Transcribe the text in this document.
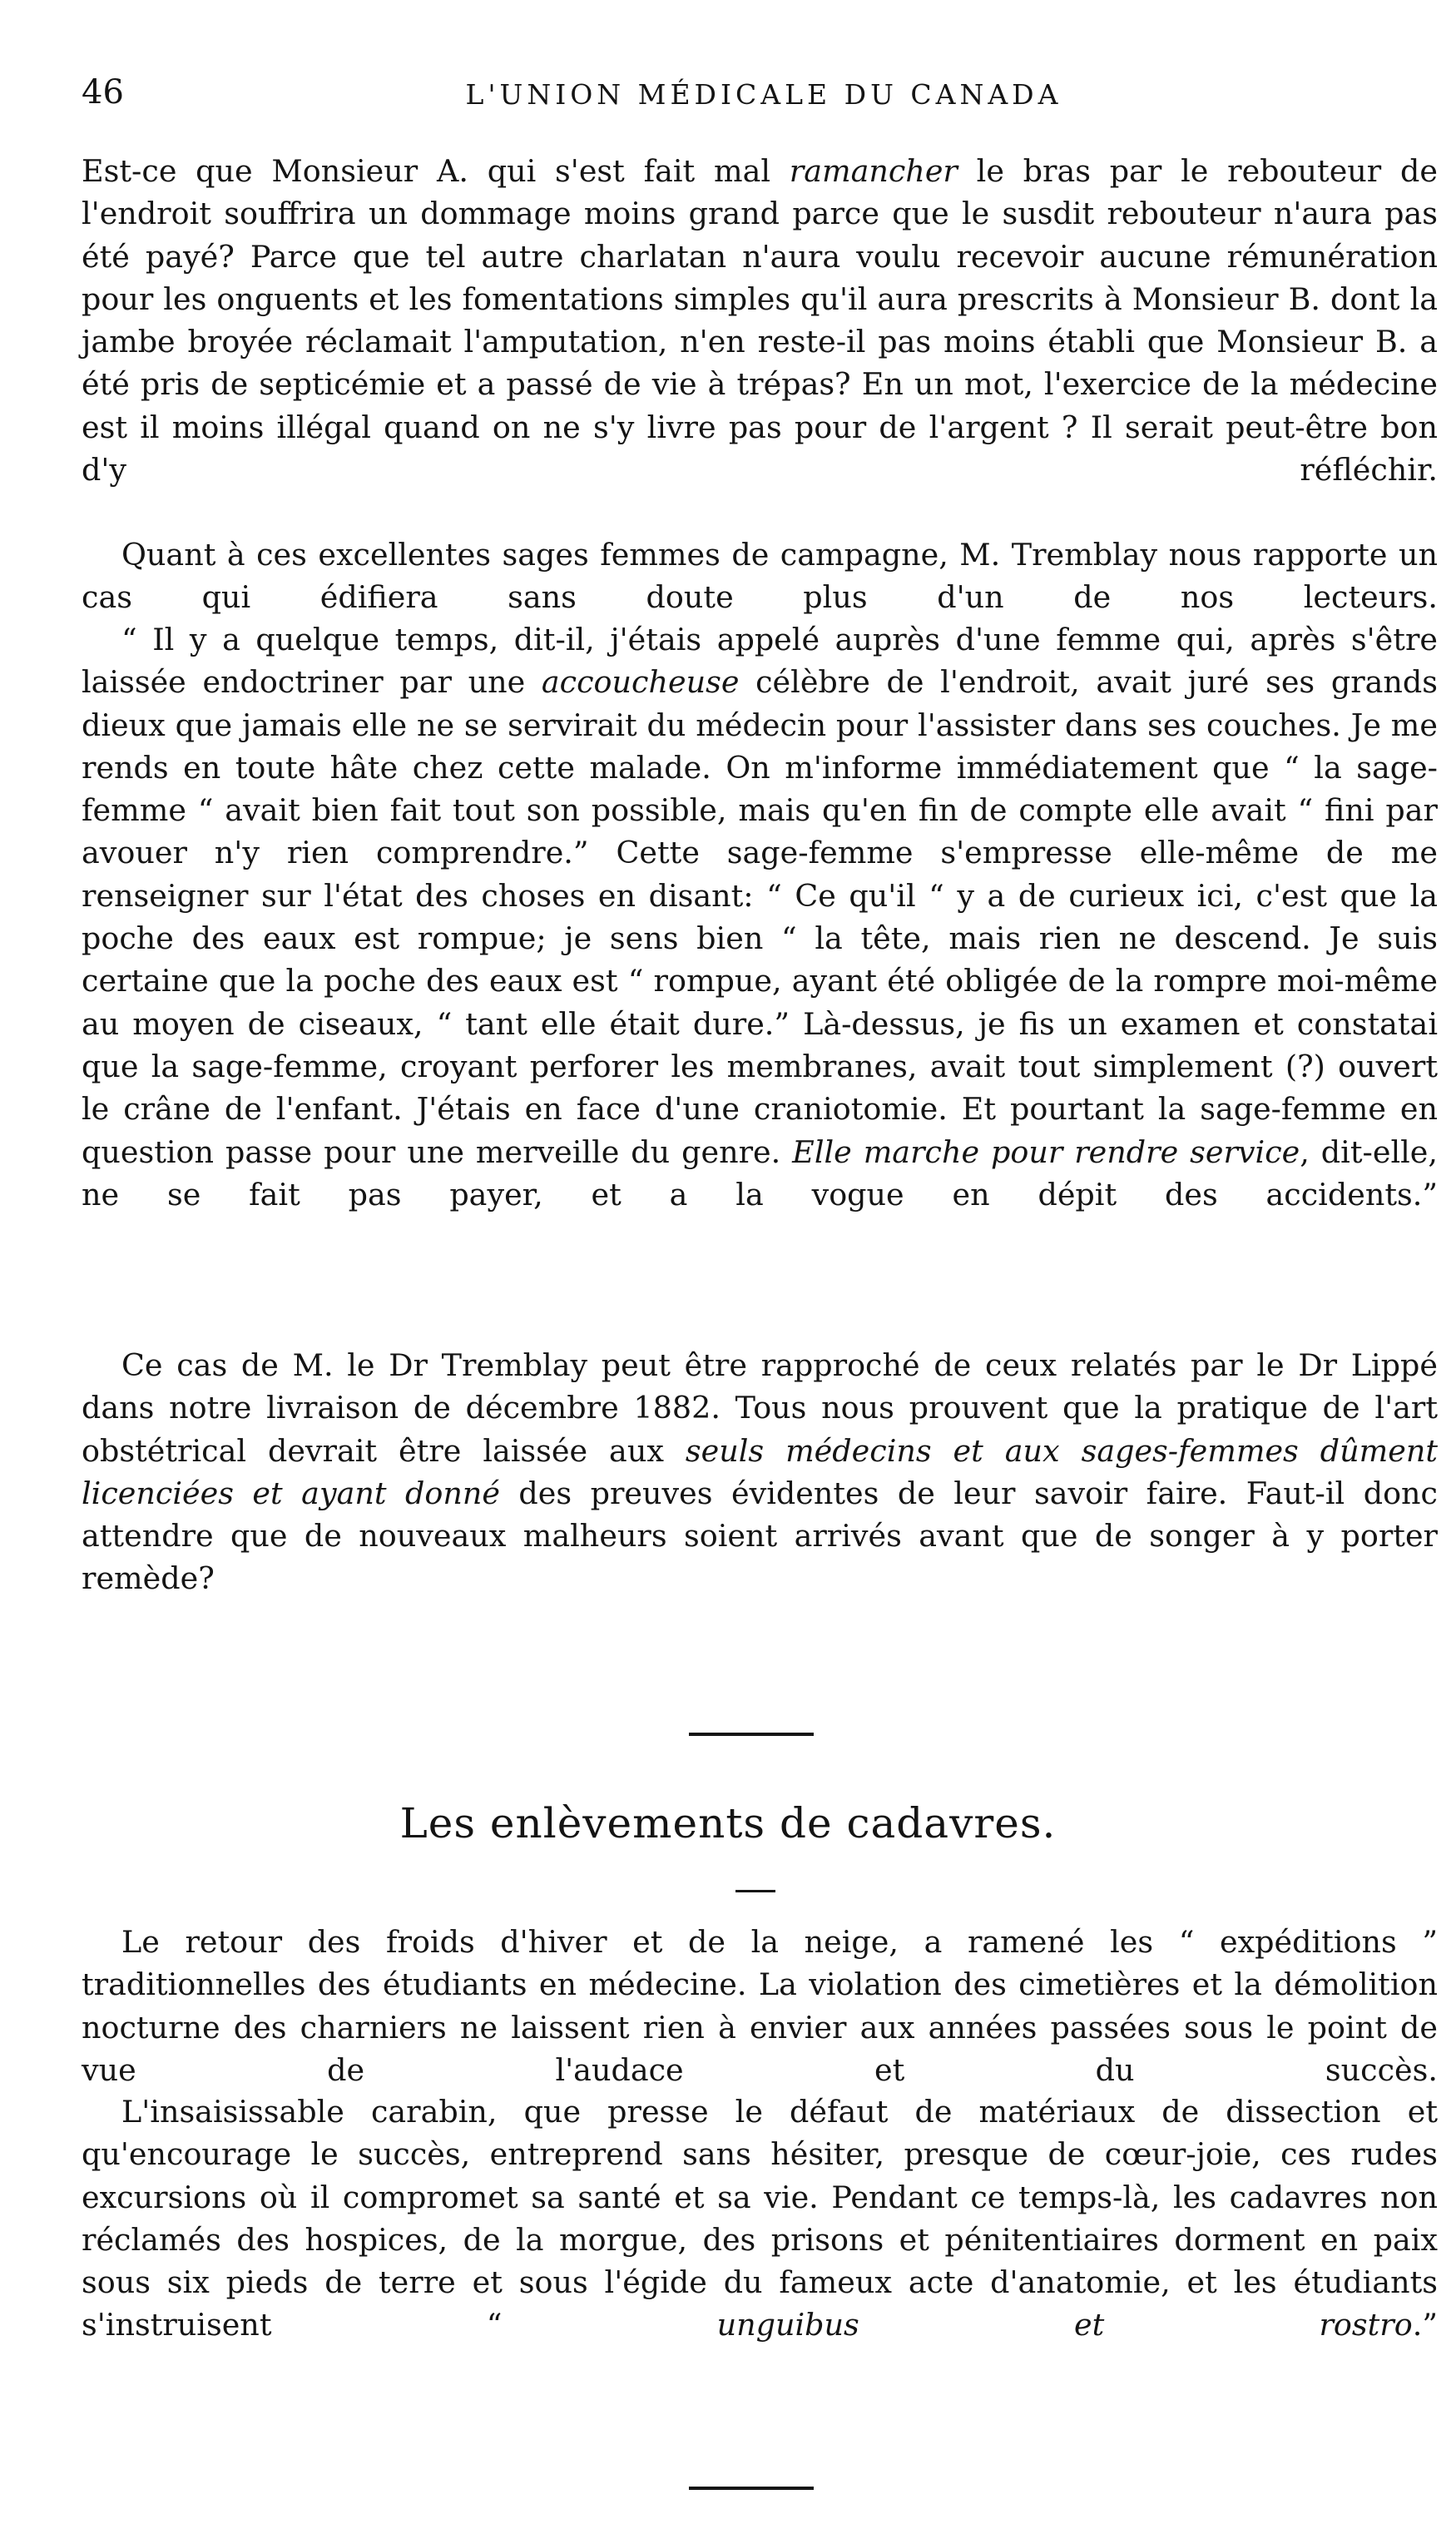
46	L'UNION MÉDICALE DU CANADA

Est-ce que Monsieur A. qui s'est fait mal ramancher le bras par le rebouteur de l'endroit souffrira un dommage moins grand parce que le susdit rebouteur n'aura pas été payé? Parce que tel autre charlatan n'aura voulu recevoir aucune rémunération pour les onguents et les fomentations simples qu'il aura prescrits à Monsieur B. dont la jambe broyée réclamait l'amputation, n'en reste-il pas moins établi que Monsieur B. a été pris de septicémie et a passé de vie à trépas? En un mot, l'exercice de la médecine est il moins illégal quand on ne s'y livre pas pour de l'argent ? Il serait peut-être bon d'y réfléchir.

Quant à ces excellentes sages femmes de campagne, M. Tremblay nous rapporte un cas qui édifiera sans doute plus d'un de nos lecteurs.

“ Il y a quelque temps, dit-il, j'étais appelé auprès d'une femme qui, après s'être laissée endoctriner par une accoucheuse célèbre de l'endroit, avait juré ses grands dieux que jamais elle ne se servirait du médecin pour l'assister dans ses couches. Je me rends en toute hâte chez cette malade. On m'informe immédiatement que “ la sage-femme “ avait bien fait tout son possible, mais qu'en fin de compte elle avait “ fini par avouer n'y rien comprendre.” Cette sage-femme s'empresse elle-même de me renseigner sur l'état des choses en disant: “ Ce qu'il “ y a de curieux ici, c'est que la poche des eaux est rompue; je sens bien “ la tête, mais rien ne descend. Je suis certaine que la poche des eaux est “ rompue, ayant été obligée de la rompre moi-même au moyen de ciseaux, “ tant elle était dure.” Là-dessus, je fis un examen et constatai que la sage-femme, croyant perforer les membranes, avait tout simplement (?) ouvert le crâne de l'enfant. J'étais en face d'une craniotomie. Et pourtant la sage-femme en question passe pour une merveille du genre. Elle marche pour rendre service, dit-elle, ne se fait pas payer, et a la vogue en dépit des accidents.”

Ce cas de M. le Dr Tremblay peut être rapproché de ceux relatés par le Dr Lippé dans notre livraison de décembre 1882. Tous nous prouvent que la pratique de l'art obstétrical devrait être laissée aux seuls médecins et aux sages-femmes dûment licenciées et ayant donné des preuves évidentes de leur savoir faire. Faut-il donc attendre que de nouveaux malheurs soient arrivés avant que de songer à y porter remède?

Les enlèvements de cadavres.

Le retour des froids d'hiver et de la neige, a ramené les “ expéditions ” traditionnelles des étudiants en médecine. La violation des cimetières et la démolition nocturne des charniers ne laissent rien à envier aux années passées sous le point de vue de l'audace et du succès.

L'insaisissable carabin, que presse le défaut de matériaux de dissection et qu'encourage le succès, entreprend sans hésiter, presque de cœur-joie, ces rudes excursions où il compromet sa santé et sa vie. Pendant ce temps-là, les cadavres non réclamés des hospices, de la morgue, des prisons et pénitentiaires dorment en paix sous six pieds de terre et sous l'égide du fameux acte d'anatomie, et les étudiants s'instruisent “ unguibus et rostro.”
